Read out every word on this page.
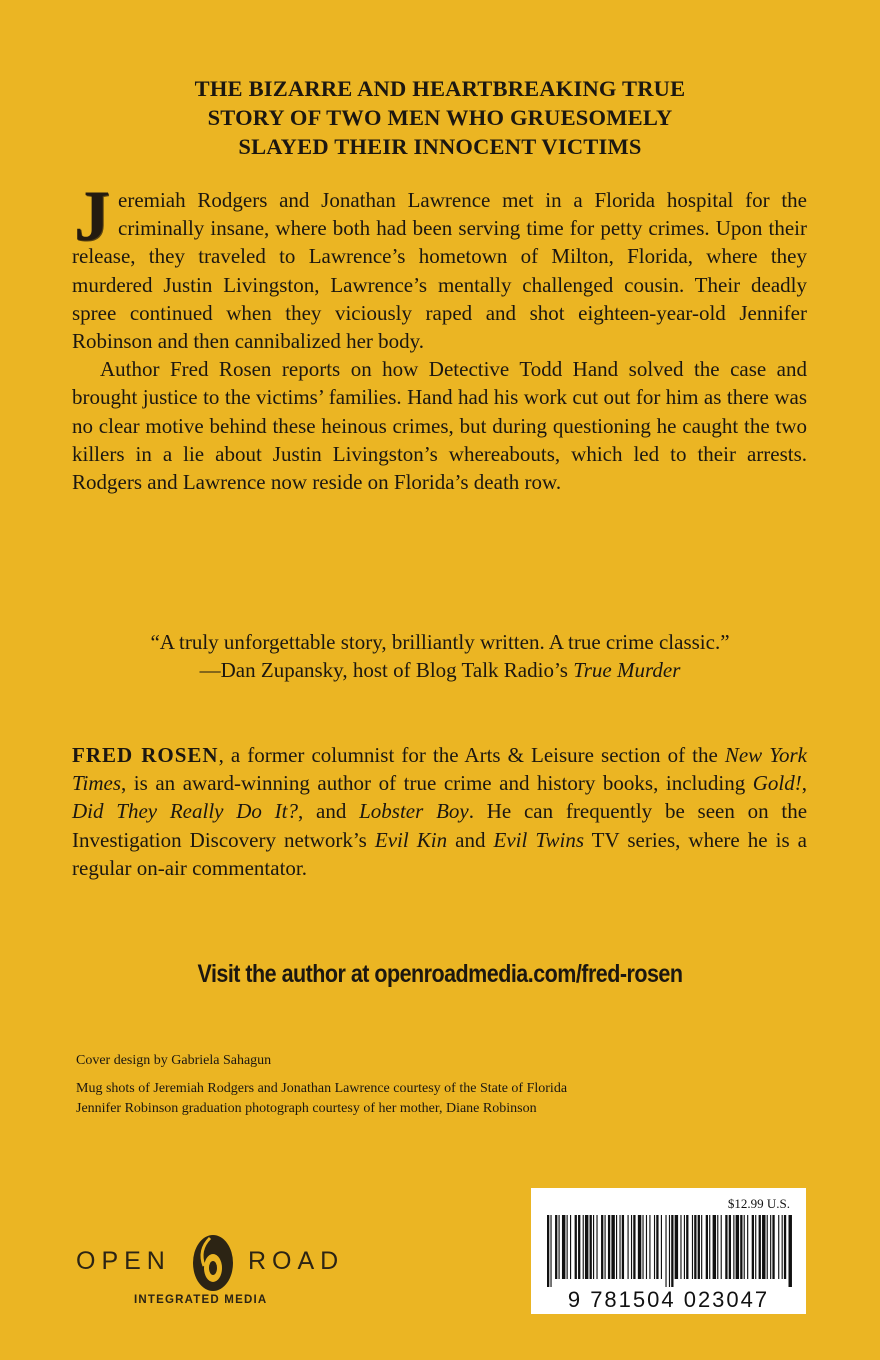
THE BIZARRE AND HEARTBREAKING TRUE
STORY OF TWO MEN WHO GRUESOMELY
SLAYED THEIR INNOCENT VICTIMS

Jeremiah Rodgers and Jonathan Lawrence met in a Florida hospital for the criminally insane, where both had been serving time for petty crimes. Upon their release, they traveled to Lawrence’s hometown of Milton, Florida, where they murdered Justin Livingston, Lawrence’s mentally challenged cousin. Their deadly spree continued when they viciously raped and shot eighteen-year-old Jennifer Robinson and then cannibalized her body.

Author Fred Rosen reports on how Detective Todd Hand solved the case and brought justice to the victims’ families. Hand had his work cut out for him as there was no clear motive behind these heinous crimes, but during questioning he caught the two killers in a lie about Justin Livingston’s whereabouts, which led to their arrests. Rodgers and Lawrence now reside on Florida’s death row.

“A truly unforgettable story, brilliantly written. A true crime classic.”
—Dan Zupansky, host of Blog Talk Radio’s True Murder

FRED ROSEN, a former columnist for the Arts & Leisure section of the New York Times, is an award-winning author of true crime and history books, including Gold!, Did They Really Do It?, and Lobster Boy. He can frequently be seen on the Investigation Discovery network’s Evil Kin and Evil Twins TV series, where he is a regular on-air commentator.

Visit the author at openroadmedia.com/fred-rosen
Cover design by Gabriela Sahagun
Mug shots of Jeremiah Rodgers and Jonathan Lawrence courtesy of the State of Florida
Jennifer Robinson graduation photograph courtesy of her mother, Diane Robinson
OPEN	ROAD
INTEGRATED MEDIA
$12.99 U.S.
9 781504 023047
